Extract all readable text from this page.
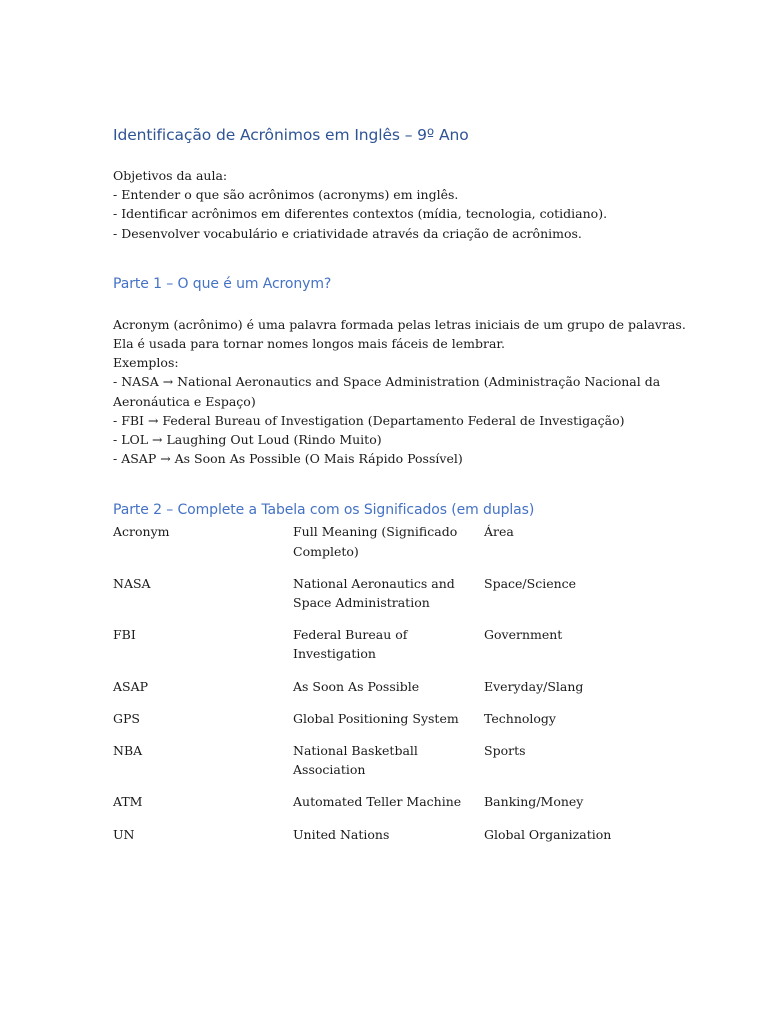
Identificação de Acrônimos em Inglês – 9º Ano

Objetivos da aula:
- Entender o que são acrônimos (acronyms) em inglês.
- Identificar acrônimos em diferentes contextos (mídia, tecnologia, cotidiano).
- Desenvolver vocabulário e criatividade através da criação de acrônimos.

Parte 1 – O que é um Acronym?

Acronym (acrônimo) é uma palavra formada pelas letras iniciais de um grupo de palavras.
Ela é usada para tornar nomes longos mais fáceis de lembrar.
Exemplos:
- NASA → National Aeronautics and Space Administration (Administração Nacional da
Aeronáutica e Espaço)
- FBI → Federal Bureau of Investigation (Departamento Federal de Investigação)
- LOL → Laughing Out Loud (Rindo Muito)
- ASAP → As Soon As Possible (O Mais Rápido Possível)

Parte 2 – Complete a Tabela com os Significados (em duplas)
Acronym	Full Meaning (Significado Completo)	Área
NASA	National Aeronautics and Space Administration	Space/Science
FBI	Federal Bureau of Investigation	Government
ASAP	As Soon As Possible	Everyday/Slang
GPS	Global Positioning System	Technology
NBA	National Basketball Association	Sports
ATM	Automated Teller Machine	Banking/Money
UN	United Nations	Global Organization
